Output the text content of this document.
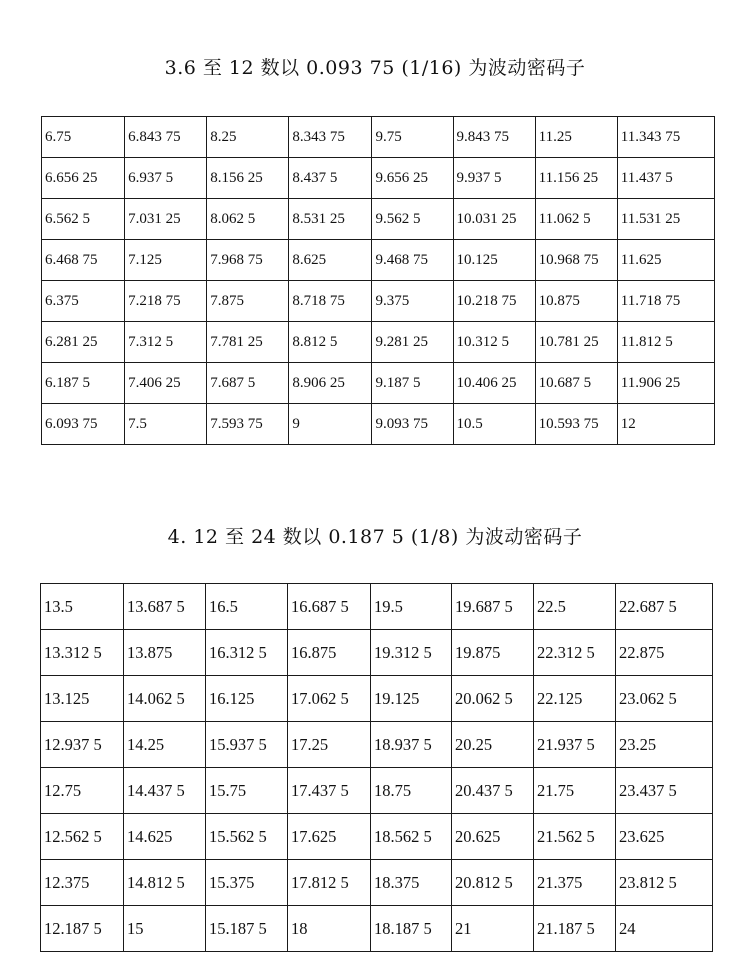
3.6 至 12 数以 0.093 75 (1/16) 为波动密码子
6.75	6.843 75	8.25	8.343 75	9.75	9.843 75	11.25	11.343 75
6.656 25	6.937 5	8.156 25	8.437 5	9.656 25	9.937 5	11.156 25	11.437 5
6.562 5	7.031 25	8.062 5	8.531 25	9.562 5	10.031 25	11.062 5	11.531 25
6.468 75	7.125	7.968 75	8.625	9.468 75	10.125	10.968 75	11.625
6.375	7.218 75	7.875	8.718 75	9.375	10.218 75	10.875	11.718 75
6.281 25	7.312 5	7.781 25	8.812 5	9.281 25	10.312 5	10.781 25	11.812 5
6.187 5	7.406 25	7.687 5	8.906 25	9.187 5	10.406 25	10.687 5	11.906 25
6.093 75	7.5	7.593 75	9	9.093 75	10.5	10.593 75	12
4. 12 至 24 数以 0.187 5 (1/8) 为波动密码子
13.5	13.687 5	16.5	16.687 5	19.5	19.687 5	22.5	22.687 5
13.312 5	13.875	16.312 5	16.875	19.312 5	19.875	22.312 5	22.875
13.125	14.062 5	16.125	17.062 5	19.125	20.062 5	22.125	23.062 5
12.937 5	14.25	15.937 5	17.25	18.937 5	20.25	21.937 5	23.25
12.75	14.437 5	15.75	17.437 5	18.75	20.437 5	21.75	23.437 5
12.562 5	14.625	15.562 5	17.625	18.562 5	20.625	21.562 5	23.625
12.375	14.812 5	15.375	17.812 5	18.375	20.812 5	21.375	23.812 5
12.187 5	15	15.187 5	18	18.187 5	21	21.187 5	24
